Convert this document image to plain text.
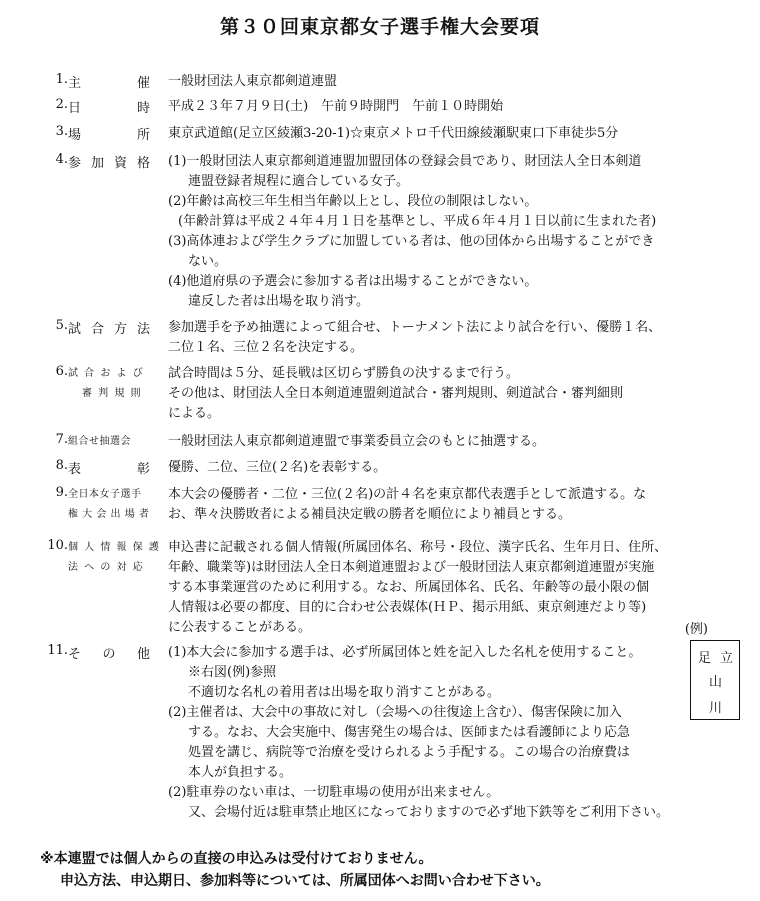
第３０回東京都女子選手権大会要項
1. 主	催 一般財団法人東京都剣道連盟
2. 日	時 平成２３年７月９日(土)　午前９時開門　午前１０時開始
3. 場	所 東京武道館(足立区綾瀬3-20-1)☆東京メトロ千代田線綾瀬駅東口下車徒歩5分
4. 参 加 資 格 (1)一般財団法人東京都剣道連盟加盟団体の登録会員であり、財団法人全日本剣道
連盟登録者規程に適合している女子。
(2)年齢は高校三年生相当年齢以上とし、段位の制限はしない。
(年齢計算は平成２４年４月１日を基準とし、平成６年４月１日以前に生まれた者)
(3)高体連および学生クラブに加盟している者は、他の団体から出場することができ
ない。
(4)他道府県の予選会に参加する者は出場することができない。
違反した者は出場を取り消す。
5. 試 合 方 法 参加選手を予め抽選によって組合せ、トーナメント法により試合を行い、優勝１名、
二位１名、三位２名を決定する。
6. 試 合 お よ び
審 判 規 則
試合時間は５分、延長戦は区切らず勝負の決するまで行う。
その他は、財団法人全日本剣道連盟剣道試合・審判規則、剣道試合・審判細則
による。
7. 組合せ抽選会	一般財団法人東京都剣道連盟で事業委員立会のもとに抽選する。
8. 表	彰 優勝、二位、三位(２名)を表彰する。
9. 全日本女子選手
権 大 会 出 場 者
本大会の優勝者・二位・三位(２名)の計４名を東京都代表選手として派遣する。な
お、準々決勝敗者による補員決定戦の勝者を順位により補員とする。
10. 個 人 情 報 保 護
法 へ の 対 応
申込書に記載される個人情報(所属団体名、称号・段位、漢字氏名、生年月日、住所、
年齢、職業等)は財団法人全日本剣道連盟および一般財団法人東京都剣道連盟が実施
する本事業運営のために利用する。なお、所属団体名、氏名、年齢等の最小限の個
人情報は必要の都度、目的に合わせ公表媒体(ＨＰ、掲示用紙、東京剣連だより等)
に公表することがある。	(例)
11. そ の 他 (1)本大会に参加する選手は、必ず所属団体と姓を記入した名札を使用すること。
※右図(例)参照
不適切な名札の着用者は出場を取り消すことがある。
(2)主催者は、大会中の事故に対し（会場への往復途上含む）、傷害保険に加入
する。なお、大会実施中、傷害発生の場合は、医師または看護師により応急
処置を講じ、病院等で治療を受けられるよう手配する。この場合の治療費は
本人が負担する。
(2)駐車券のない車は、一切駐車場の使用が出来ません。
又、会場付近は駐車禁止地区になっておりますので必ず地下鉄等をご利用下さい。
足 立
山
川
※本連盟では個人からの直接の申込みは受付けておりません。
申込方法、申込期日、参加料等については、所属団体へお問い合わせ下さい。
